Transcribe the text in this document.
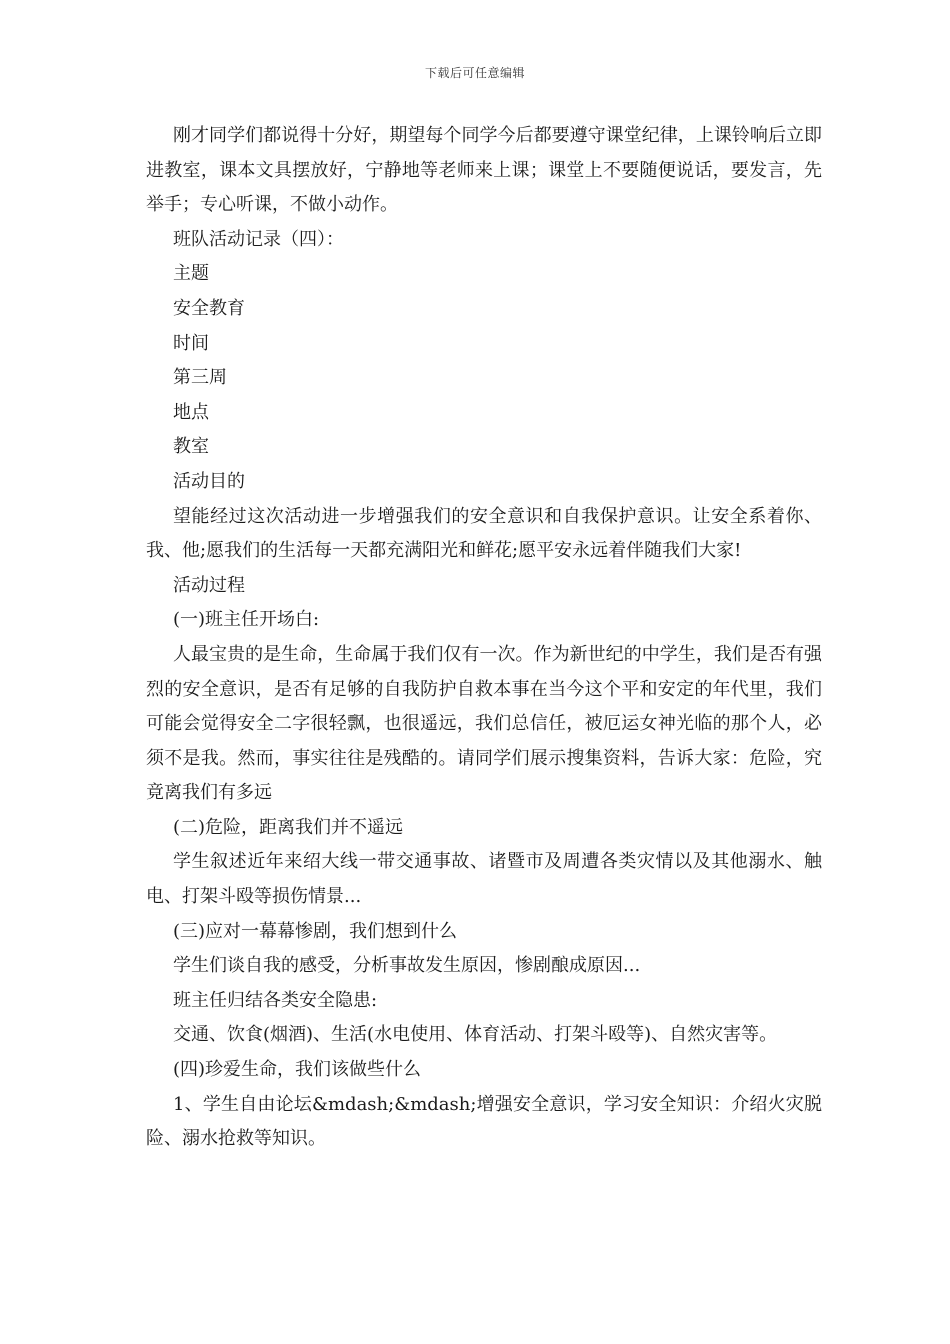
下载后可任意编辑

刚才同学们都说得十分好，期望每个同学今后都要遵守课堂纪律，上课铃响后立即进教室，课本文具摆放好，宁静地等老师来上课；课堂上不要随便说话，要发言，先举手；专心听课，不做小动作。

班队活动记录（四）：

主题

安全教育

时间

第三周

地点

教室

活动目的

望能经过这次活动进一步增强我们的安全意识和自我保护意识。让安全系着你、我、他;愿我们的生活每一天都充满阳光和鲜花;愿平安永远着伴随我们大家!

活动过程

(一)班主任开场白:

人最宝贵的是生命，生命属于我们仅有一次。作为新世纪的中学生，我们是否有强烈的安全意识，是否有足够的自我防护自救本事在当今这个平和安定的年代里，我们可能会觉得安全二字很轻飘，也很遥远，我们总信任，被厄运女神光临的那个人，必须不是我。然而，事实往往是残酷的。请同学们展示搜集资料，告诉大家：危险，究竟离我们有多远

(二)危险，距离我们并不遥远

学生叙述近年来绍大线一带交通事故、诸暨市及周遭各类灾情以及其他溺水、触电、打架斗殴等损伤情景...

(三)应对一幕幕惨剧，我们想到什么

学生们谈自我的感受，分析事故发生原因，惨剧酿成原因...

班主任归结各类安全隐患:

交通、饮食(烟酒)、生活(水电使用、体育活动、打架斗殴等)、自然灾害等。

(四)珍爱生命，我们该做些什么

1、学生自由论坛&mdash;&mdash;增强安全意识，学习安全知识：介绍火灾脱险、溺水抢救等知识。
